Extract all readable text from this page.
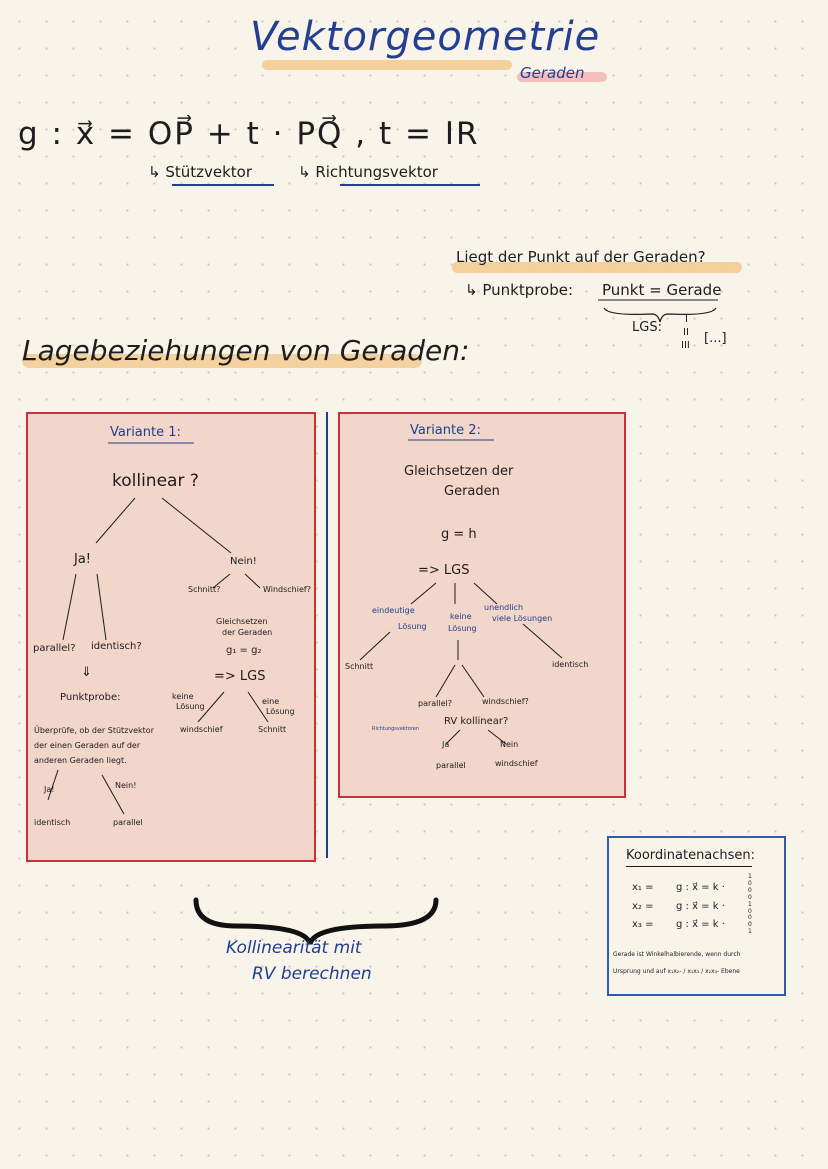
Vektorgeometrie
Geraden
g : x⃗ = OP⃗ + t · PQ⃗ , t = IR
↳ Stützvektor	↳ Richtungsvektor
Liegt der Punkt auf der Geraden?
↳ Punktprobe: Punkt = Gerade
LGS:
I
II
III [...]
Lagebeziehungen von Geraden:
Variante 1:
kollinear ?
Ja!	Nein!
Schnitt?	Windschief?
Gleichsetzen
der Geraden
g₁ = g₂
=> LGS
keine
Lösung
eine
Lösung
windschief	Schnitt
parallel? identisch?
⇓
Punktprobe:
Überprüfe, ob der Stützvektor
der einen Geraden auf der
anderen Geraden liegt.
Ja!	Nein!
identisch	parallel
Variante 2:
Gleichsetzen der
Geraden
g = h
=> LGS
eindeutige
Lösung
keine
Lösung
unendlich
viele Lösungen
Schnitt	identisch
parallel?	windschief?
Richtungsvektoren
RV kollinear?
Ja	Nein
parallel	windschief
Kollinearität mit
RV berechnen
Koordinatenachsen:
x₁ = g : x⃗ = k ·
1
0
0
x₂ = g : x⃗ = k ·
0
1
0
x₃ = g : x⃗ = k ·
0
0
1
Gerade ist Winkelhalbierende, wenn durch
Ursprung und auf x₁x₂- / x₁x₃ / x₂x₃- Ebene
